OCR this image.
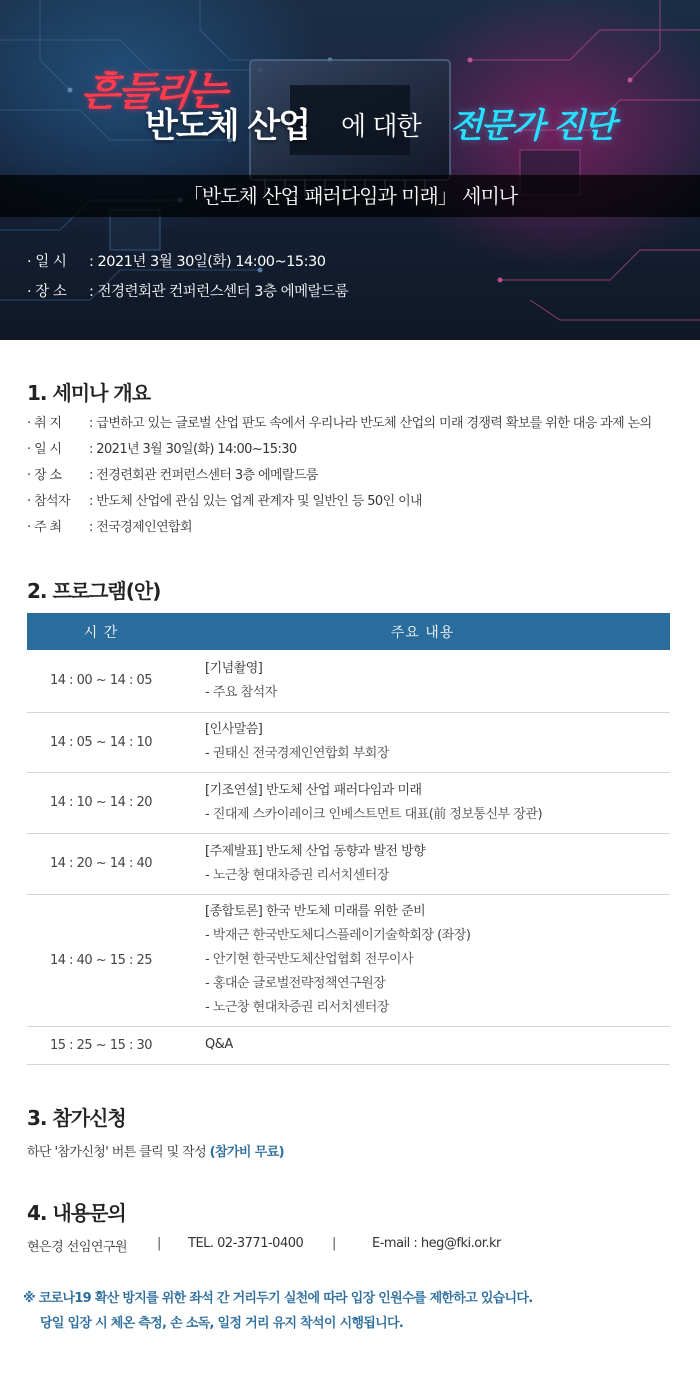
흔들리는
반도체 산업 에 대한 전문가 진단
「반도체 산업 패러다임과 미래」 세미나
· 일 시 : 2021년 3월 30일(화) 14:00~15:30
· 장 소 : 전경련회관 컨퍼런스센터 3층 에메랄드룸
1. 세미나 개요
· 취 지 : 급변하고 있는 글로벌 산업 판도 속에서 우리나라 반도체 산업의 미래 경쟁력 확보를 위한 대응 과제 논의
· 일 시 : 2021년 3월 30일(화) 14:00~15:30
· 장 소 : 전경련회관 컨퍼런스센터 3층 에메랄드룸
· 참석자 : 반도체 산업에 관심 있는 업계 관계자 및 일반인 등 50인 이내
· 주 최 : 전국경제인연합회
2. 프로그램(안)
시 간	주요 내용
14 : 00 ~ 14 : 05	[기념촬영]
- 주요 참석자

14 : 05 ~ 14 : 10	[인사말씀]
- 권태신 전국경제인연합회 부회장

14 : 10 ~ 14 : 20	[기조연설] 반도체 산업 패러다임과 미래
- 진대제 스카이레이크 인베스트먼트 대표(前 정보통신부 장관)

14 : 20 ~ 14 : 40	[주제발표] 반도체 산업 동향과 발전 방향
- 노근창 현대차증권 리서치센터장

14 : 40 ~ 15 : 25	[종합토론] 한국 반도체 미래를 위한 준비
- 박재근 한국반도체디스플레이기술학회장 (좌장)
- 안기현 한국반도체산업협회 전무이사
- 홍대순 글로벌전략정책연구원장
- 노근창 현대차증권 리서치센터장

15 : 25 ~ 15 : 30	Q&A
3. 참가신청
하단 '참가신청' 버튼 클릭 및 작성 (참가비 무료)
4. 내용문의
현은경 선임연구원 | TEL. 02-3771-0400 |	E-mail : heg@fki.or.kr
※ 코로나19 확산 방지를 위한 좌석 간 거리두기 실천에 따라 입장 인원수를 제한하고 있습니다.
당일 입장 시 체온 측정, 손 소독, 일정 거리 유지 착석이 시행됩니다.
